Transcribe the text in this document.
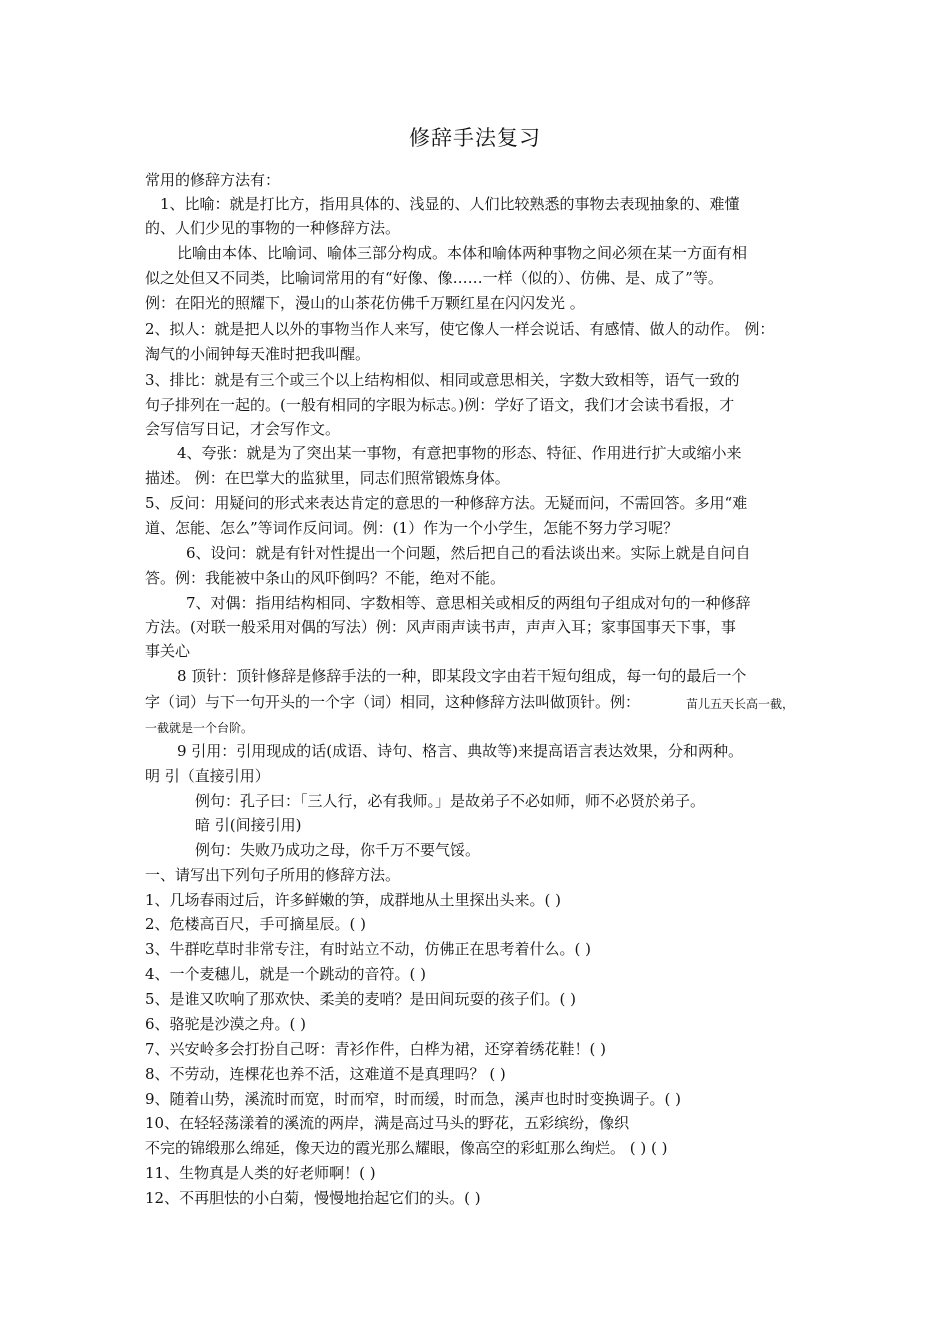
修辞手法复习
常用的修辞方法有：
1、比喻：就是打比方，指用具体的、浅显的、人们比较熟悉的事物去表现抽象的、难懂
的、人们少见的事物的一种修辞方法。
比喻由本体、比喻词、喻体三部分构成。本体和喻体两种事物之间必须在某一方面有相
似之处但又不同类，比喻词常用的有“好像、像……一样（似的）、仿佛、是、成了”等。
例：在阳光的照耀下，漫山的山茶花仿佛千万颗红星在闪闪发光 。
2、拟人：就是把人以外的事物当作人来写，使它像人一样会说话、有感情、做人的动作。 例：
淘气的小闹钟每天准时把我叫醒。
3、排比：就是有三个或三个以上结构相似、相同或意思相关，字数大致相等，语气一致的
句子排列在一起的。(一般有相同的字眼为标志。)例：学好了语文，我们才会读书看报，才
会写信写日记，才会写作文。
4、夸张：就是为了突出某一事物，有意把事物的形态、特征、作用进行扩大或缩小来
描述。 例：在巴掌大的监狱里，同志们照常锻炼身体。
5、反问：用疑问的形式来表达肯定的意思的一种修辞方法。无疑而问，不需回答。多用“难
道、怎能、怎么”等词作反问词。例：(1）作为一个小学生，怎能不努力学习呢？
6、设问：就是有针对性提出一个问题，然后把自己的看法谈出来。实际上就是自问自
答。例：我能被中条山的风吓倒吗？不能，绝对不能。
7、对偶：指用结构相同、字数相等、意思相关或相反的两组句子组成对句的一种修辞
方法。(对联一般采用对偶的写法）例：风声雨声读书声，声声入耳；家事国事天下事，事
事关心
8 顶针：顶针修辞是修辞手法的一种，即某段文字由若干短句组成，每一句的最后一个
字（词）与下一句开头的一个字（词）相同，这种修辞方法叫做顶针。例：	苗儿五天长高一截，
一截就是一个台阶。
9 引用：引用现成的话(成语、诗句、格言、典故等)来提高语言表达效果，分和两种。
明 引（直接引用）
例句：孔子曰：「三人行，必有我师。」是故弟子不必如师，师不必贤於弟子。
暗 引(间接引用)
例句：失败乃成功之母，你千万不要气馁。
一、请写出下列句子所用的修辞方法。
1、几场春雨过后，许多鲜嫩的笋，成群地从土里探出头来。( )
2、危楼高百尺，手可摘星辰。( )
3、牛群吃草时非常专注，有时站立不动，仿佛正在思考着什么。( )
4、一个麦穗儿，就是一个跳动的音符。( )
5、是谁又吹响了那欢快、柔美的麦哨？是田间玩耍的孩子们。( )
6、骆驼是沙漠之舟。( )
7、兴安岭多会打扮自己呀：青衫作件，白桦为裙，还穿着绣花鞋！( )
8、不劳动，连棵花也养不活，这难道不是真理吗？ ( )
9、随着山势，溪流时而宽，时而窄，时而缓，时而急，溪声也时时变换调子。( )
10、在轻轻荡漾着的溪流的两岸，满是高过马头的野花，五彩缤纷，像织
不完的锦缎那么绵延，像天边的霞光那么耀眼，像高空的彩虹那么绚烂。 ( ) ( )
11、生物真是人类的好老师啊！( )
12、不再胆怯的小白菊，慢慢地抬起它们的头。( )
